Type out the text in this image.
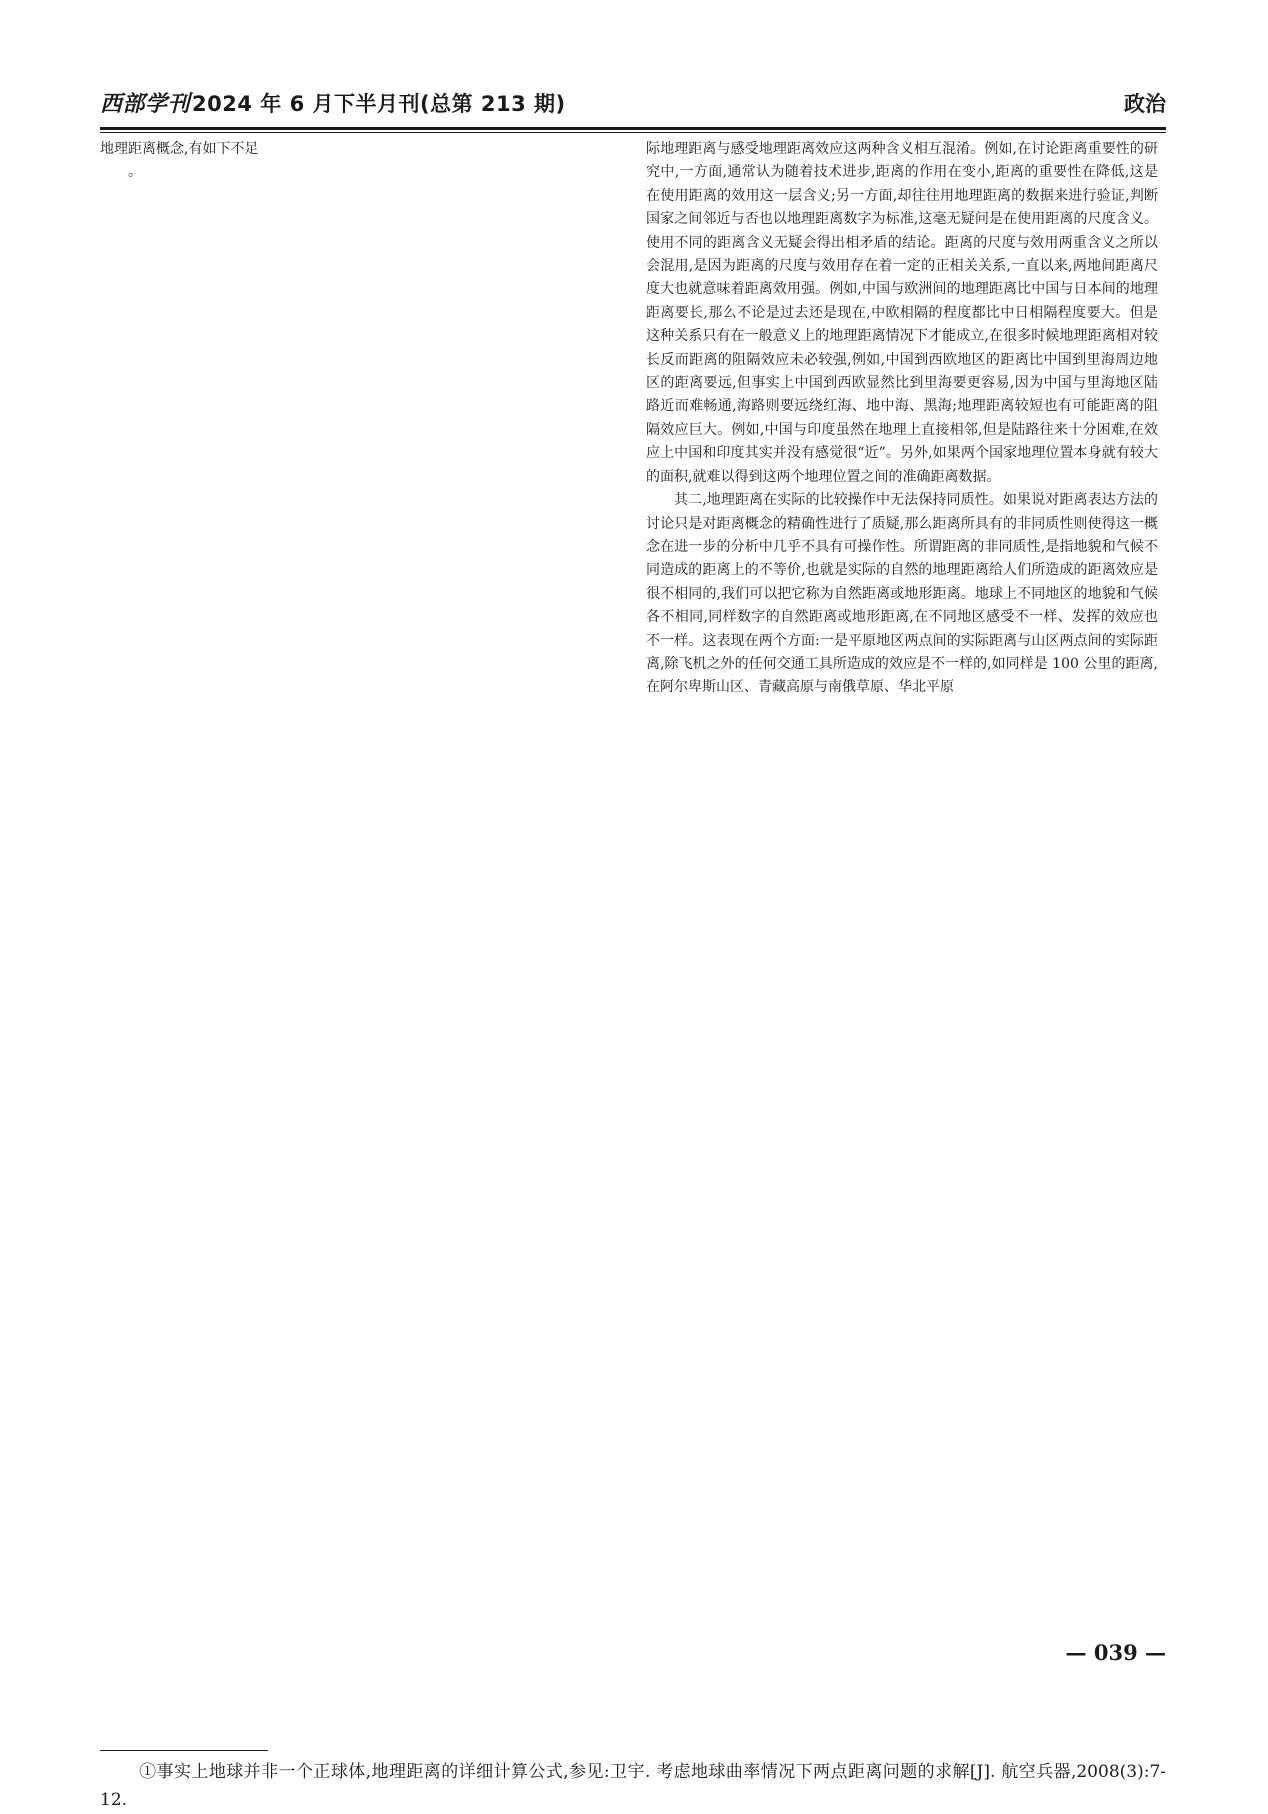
西部学刊2024 年 6 月下半月刊(总第 213 期)	政治

地理距离概念,有如下不足

。

际地理距离与感受地理距离效应这两种含义相互混淆。例如,在讨论距离重要性的研究中,一方面,通常认为随着技术进步,距离的作用在变小,距离的重要性在降低,这是在使用距离的效用这一层含义;另一方面,却往往用地理距离的数据来进行验证,判断国家之间邻近与否也以地理距离数字为标准,这毫无疑问是在使用距离的尺度含义。使用不同的距离含义无疑会得出相矛盾的结论。距离的尺度与效用两重含义之所以会混用,是因为距离的尺度与效用存在着一定的正相关关系,一直以来,两地间距离尺度大也就意味着距离效用强。例如,中国与欧洲间的地理距离比中国与日本间的地理距离要长,那么不论是过去还是现在,中欧相隔的程度都比中日相隔程度要大。但是这种关系只有在一般意义上的地理距离情况下才能成立,在很多时候地理距离相对较长反而距离的阻隔效应未必较强,例如,中国到西欧地区的距离比中国到里海周边地区的距离要远,但事实上中国到西欧显然比到里海要更容易,因为中国与里海地区陆路近而难畅通,海路则要远绕红海、地中海、黑海;地理距离较短也有可能距离的阻隔效应巨大。例如,中国与印度虽然在地理上直接相邻,但是陆路往来十分困难,在效应上中国和印度其实并没有感觉很“近”。另外,如果两个国家地理位置本身就有较大的面积,就难以得到这两个地理位置之间的准确距离数据。

其二,地理距离在实际的比较操作中无法保持同质性。如果说对距离表达方法的讨论只是对距离概念的精确性进行了质疑,那么距离所具有的非同质性则使得这一概念在进一步的分析中几乎不具有可操作性。所谓距离的非同质性,是指地貌和气候不同造成的距离上的不等价,也就是实际的自然的地理距离给人们所造成的距离效应是很不相同的,我们可以把它称为自然距离或地形距离。地球上不同地区的地貌和气候各不相同,同样数字的自然距离或地形距离,在不同地区感受不一样、发挥的效应也不一样。这表现在两个方面:一是平原地区两点间的实际距离与山区两点间的实际距离,除飞机之外的任何交通工具所造成的效应是不一样的,如同样是 100 公里的距离,在阿尔卑斯山区、青藏高原与南俄草原、华北平原

①事实上地球并非一个正球体,地理距离的详细计算公式,参见:卫宇. 考虑地球曲率情况下两点距离问题的求解[J]. 航空兵器,2008(3):7-12.
— 039 —
